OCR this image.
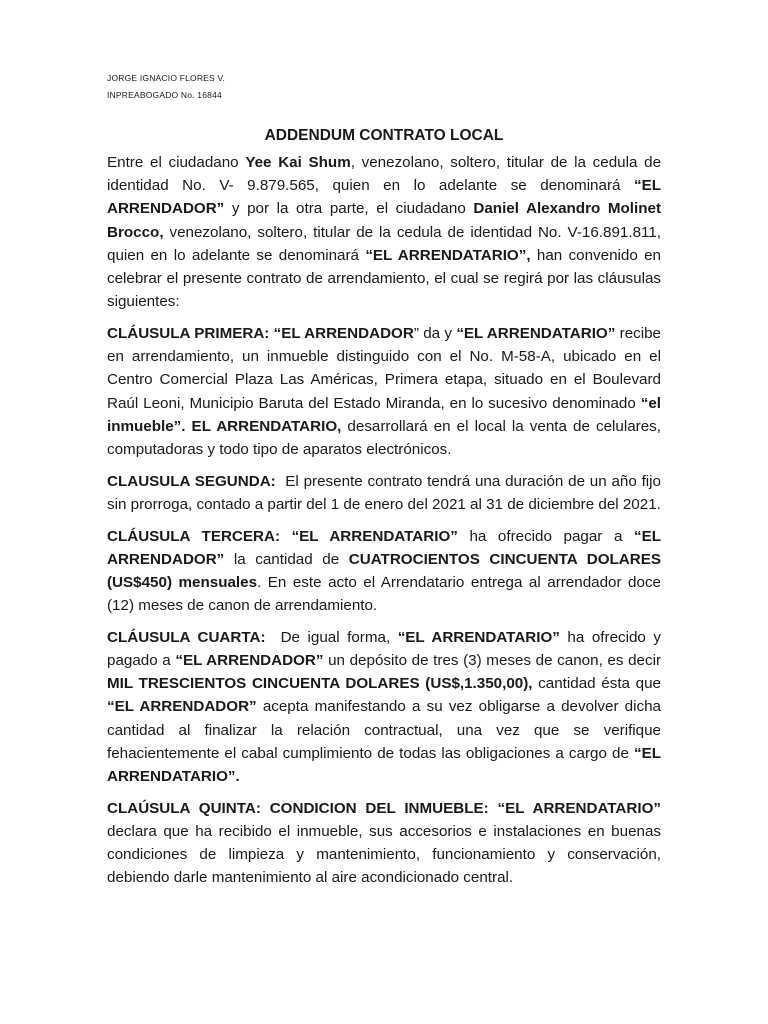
JORGE IGNACIO FLORES V.
INPREABOGADO No. 16844
ADDENDUM CONTRATO LOCAL

Entre el ciudadano Yee Kai Shum, venezolano, soltero, titular de la cedula de identidad No. V- 9.879.565, quien en lo adelante se denominará “EL ARRENDADOR” y por la otra parte, el ciudadano Daniel Alexandro Molinet Brocco, venezolano, soltero, titular de la cedula de identidad No. V-16.891.811, quien en lo adelante se denominará “EL ARRENDATARIO”, han convenido en celebrar el presente contrato de arrendamiento, el cual se regirá por las cláusulas siguientes:

CLÁUSULA PRIMERA: “EL ARRENDADOR” da y “EL ARRENDATARIO” recibe en arrendamiento, un inmueble distinguido con el No. M-58-A, ubicado en el Centro Comercial Plaza Las Américas, Primera etapa, situado en el Boulevard Raúl Leoni, Municipio Baruta del Estado Miranda, en lo sucesivo denominado “el inmueble”. EL ARRENDATARIO, desarrollará en el local la venta de celulares, computadoras y todo tipo de aparatos electrónicos.

CLAUSULA SEGUNDA:  El presente contrato tendrá una duración de un año fijo sin prorroga, contado a partir del 1 de enero del 2021 al 31 de diciembre del 2021.

CLÁUSULA TERCERA: “EL ARRENDATARIO” ha ofrecido pagar a “EL ARRENDADOR” la cantidad de CUATROCIENTOS CINCUENTA DOLARES (US$450) mensuales. En este acto el Arrendatario entrega al arrendador doce (12) meses de canon de arrendamiento.

CLÁUSULA CUARTA:  De igual forma, “EL ARRENDATARIO” ha ofrecido y pagado a “EL ARRENDADOR” un depósito de tres (3) meses de canon, es decir MIL TRESCIENTOS CINCUENTA DOLARES (US$,1.350,00), cantidad ésta que “EL ARRENDADOR” acepta manifestando a su vez obligarse a devolver dicha cantidad al finalizar la relación contractual, una vez que se verifique fehacientemente el cabal cumplimiento de todas las obligaciones a cargo de “EL ARRENDATARIO”.

CLAÚSULA QUINTA: CONDICION DEL INMUEBLE: “EL ARRENDATARIO” declara que ha recibido el inmueble, sus accesorios e instalaciones en buenas condiciones de limpieza y mantenimiento, funcionamiento y conservación, debiendo darle mantenimiento al aire acondicionado central.
